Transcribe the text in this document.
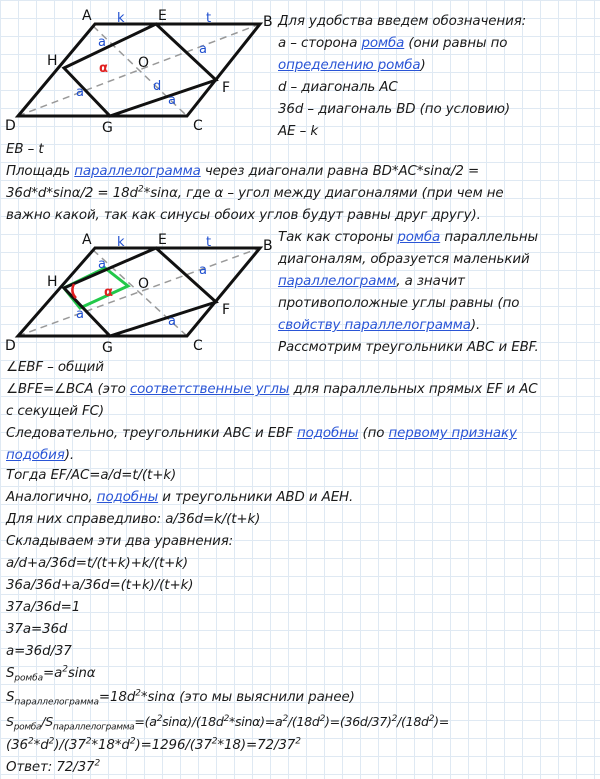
α
A	E	B
H	O
F
D	G	C
k	t
a	a
a
a
d
Для удобства введем обозначения:
a – сторона ромба (они равны по
определению ромба)
d – диагональ AC
36d – диагональ BD (по условию)
AE – k
EB – t
Площадь параллелограмма через диагонали равна BD*AC*sinα/2 =
$36d*d*\sin\alpha/2 = 18d^2*\sin\alpha$, где α – угол между диагоналями (при чем не
важно какой, так как синусы обоих углов будут равны друг другу).
α
A	E	B
H	O
F
D	G	C
k	t
a	a
a	a
Так как стороны ромба параллельны
диагоналям, образуется маленький
параллелограмм, а значит
противоположные углы равны (по
свойству параллелограмма).
Рассмотрим треугольники ABC и EBF.
∠EBF – общий
∠BFE=∠BCA (это соответственные углы для параллельных прямых EF и AC
с секущей FC)
Следовательно, треугольники ABC и EBF подобны (по первому признаку
подобия).
Тогда EF/AC=a/d=t/(t+k)
Аналогично, подобны и треугольники ABD и AEH.
Для них справедливо: a/36d=k/(t+k)
Складываем эти два уравнения:
a/d+a/36d=t/(t+k)+k/(t+k)
36a/36d+a/36d=(t+k)/(t+k)
37a/36d=1
37a=36d
a=36d/37
$S_{ромба}=a^2\sin\alpha$
$S_{параллелограмма}=18d^2*\sin\alpha$ (это мы выяснили ранее)
$S_{ромба}/S_{параллелограмма}=(a^2\sin\alpha)/(18d^2*\sin\alpha)=a^2/(18d^2)=(36d/37)^2/(18d^2)=$
$(36^2*d^2)/(37^2*18*d^2)=1296/(37^2*18)=72/37^2$
Ответ: $72/37^2$
